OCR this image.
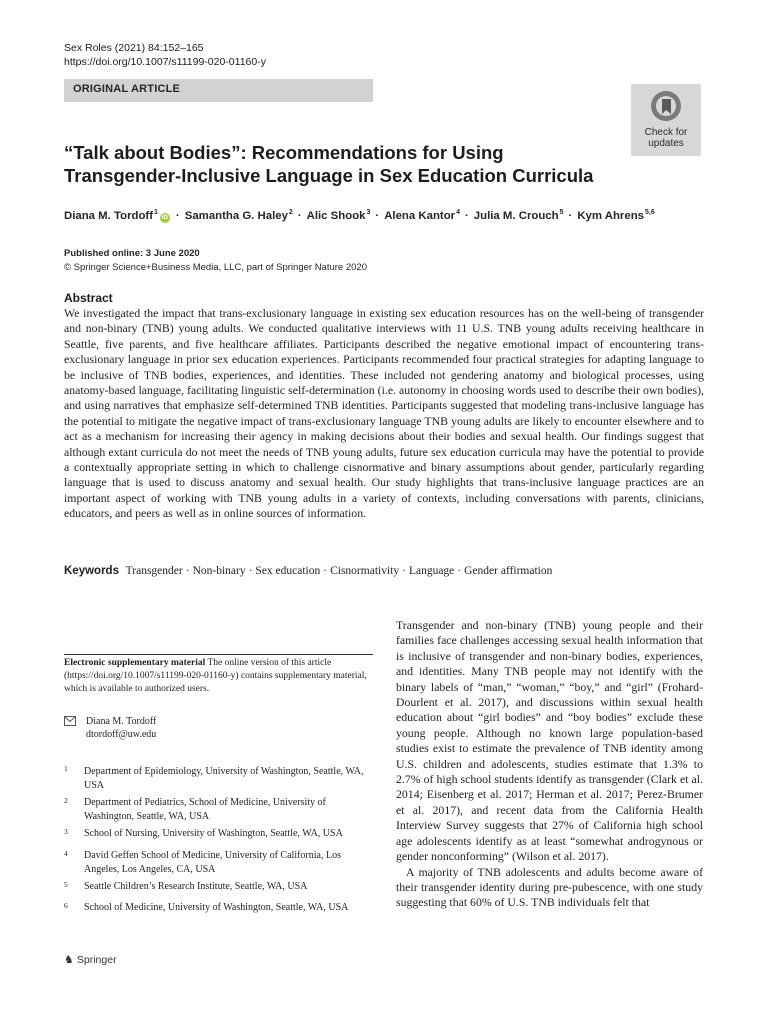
Sex Roles (2021) 84:152–165
https://doi.org/10.1007/s11199-020-01160-y
ORIGINAL ARTICLE
Check for
updates
“Talk about Bodies”: Recommendations for Using
Transgender-Inclusive Language in Sex Education Curricula
Diana M. Tordoff$^1$iD · Samantha G. Haley$^2$ · Alic Shook$^3$ · Alena Kantor$^4$ · Julia M. Crouch$^5$ · Kym Ahrens$^{5,6}$
Published online: 3 June 2020
© Springer Science+Business Media, LLC, part of Springer Nature 2020
Abstract
We investigated the impact that trans-exclusionary language in existing sex education resources has on the well-being of transgender and non-binary (TNB) young adults. We conducted qualitative interviews with 11 U.S. TNB young adults receiving healthcare in Seattle, five parents, and five healthcare affiliates. Participants described the negative emotional impact of encountering trans-exclusionary language in prior sex education experiences. Participants recommended four practical strategies for adapting language to be inclusive of TNB bodies, experiences, and identities. These included not gendering anatomy and biological processes, using anatomy-based language, facilitating linguistic self-determination (i.e. autonomy in choosing words used to describe their own bodies), and using narratives that emphasize self-determined TNB identities. Participants suggested that modeling trans-inclusive language has the potential to mitigate the negative impact of trans-exclusionary language TNB young adults are likely to encounter elsewhere and to act as a mechanism for increasing their agency in making decisions about their bodies and sexual health. Our findings suggest that although extant curricula do not meet the needs of TNB young adults, future sex education curricula may have the potential to provide a contextually appropriate setting in which to challenge cisnormative and binary assumptions about gender, particularly regarding language that is used to discuss anatomy and sexual health. Our study highlights that trans-inclusive language practices are an important aspect of working with TNB young adults in a variety of contexts, including conversations with parents, clinicians, educators, and peers as well as in online sources of information.
Keywords Transgender · Non-binary · Sex education · Cisnormativity · Language · Gender affirmation
Electronic supplementary material The online version of this article (https://doi.org/10.1007/s11199-020-01160-y) contains supplementary material, which is available to authorized users.
Diana M. Tordoff
dtordoff@uw.edu
1 Department of Epidemiology, University of Washington, Seattle, WA, USA
2 Department of Pediatrics, School of Medicine, University of Washington, Seattle, WA, USA
3 School of Nursing, University of Washington, Seattle, WA, USA
4 David Geffen School of Medicine, University of California, Los Angeles, Los Angeles, CA, USA
5 Seattle Children’s Research Institute, Seattle, WA, USA
6 School of Medicine, University of Washington, Seattle, WA, USA

Transgender and non-binary (TNB) young people and their families face challenges accessing sexual health information that is inclusive of transgender and non-binary bodies, experiences, and identities. Many TNB people may not identify with the binary labels of “man,” “woman,” “boy,” and “girl” (Frohard-Dourlent et al. 2017), and discussions within sexual health education about “girl bodies” and “boy bodies” exclude these young people. Although no known large population-based studies exist to estimate the prevalence of TNB identity among U.S. children and adolescents, studies estimate that 1.3% to 2.7% of high school students identify as transgender (Clark et al. 2014; Eisenberg et al. 2017; Herman et al. 2017; Perez-Brumer et al. 2017), and recent data from the California Health Interview Survey suggests that 27% of California high school age adolescents identify as at least “somewhat androgynous or gender nonconforming” (Wilson et al. 2017).

A majority of TNB adolescents and adults become aware of their transgender identity during pre-pubescence, with one study suggesting that 60% of U.S. TNB individuals felt that

♞ Springer
